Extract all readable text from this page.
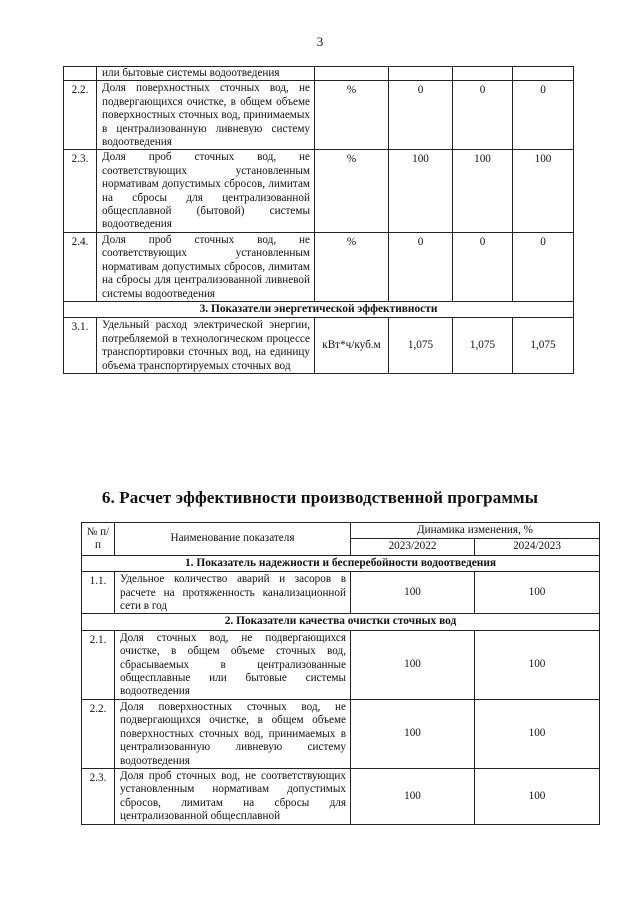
3
	или бытовые системы водоотведения				
2.2.	Доля поверхностных сточных вод, не подвергающихся очистке, в общем объеме поверхностных сточных вод, принимаемых в централизованную ливневую систему водоотведения	%	0	0	0
2.3.	Доля проб сточных вод, не соответствующих установленным нормативам допустимых сбросов, лимитам на сбросы для централизованной общесплавной (бытовой) системы водоотведения	%	100	100	100
2.4.	Доля проб сточных вод, не соответствующих установленным нормативам допустимых сбросов, лимитам на сбросы для централизованной ливневой системы водоотведения	%	0	0	0
3. Показатели энергетической эффективности					
3.1.	Удельный расход электрической энергии, потребляемой в технологическом процессе транспортировки сточных вод, на единицу объема транспортируемых сточных вод	кВт*ч/куб.м	1,075	1,075	1,075
6. Расчет эффективности производственной программы
№ п/п	Наименование показателя	Динамика изменения, %	
		2023/2022	2024/2023
1. Показатель надежности и бесперебойности водоотведения			
1.1.	Удельное количество аварий и засоров в расчете на протяженность канализационной сети в год	100	100
2. Показатели качества очистки сточных вод			
2.1.	Доля сточных вод, не подвергающихся очистке, в общем объеме сточных вод, сбрасываемых в централизованные общесплавные или бытовые системы водоотведения	100	100
2.2.	Доля поверхностных сточных вод, не подвергающихся очистке, в общем объеме поверхностных сточных вод, принимаемых в централизованную ливневую систему водоотведения	100	100
2.3.	Доля проб сточных вод, не соответствующих установленным нормативам допустимых сбросов, лимитам на сбросы для централизованной общесплавной	100	100
